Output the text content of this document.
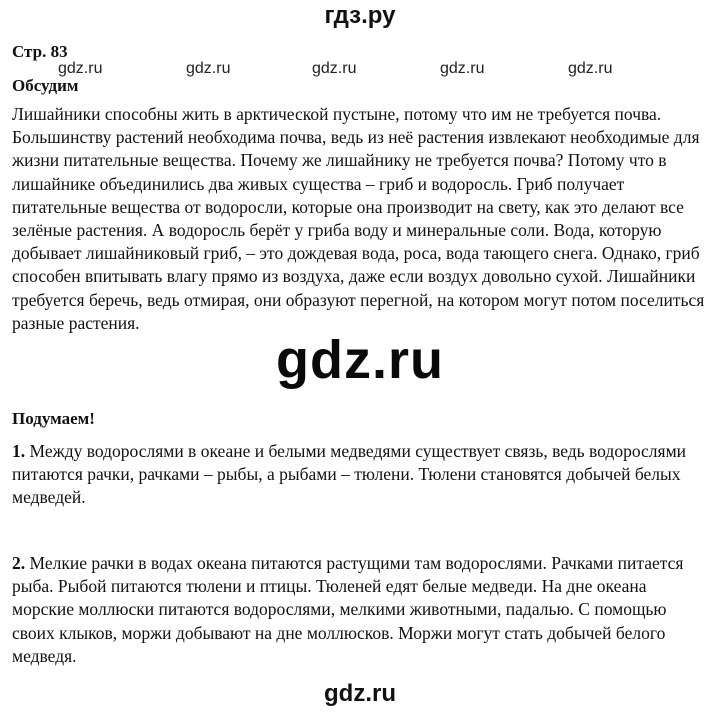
гдз.ру
Стр. 83
gdz.ru	gdz.ru	gdz.ru	gdz.ru	gdz.ru
Обсудим

Лишайники способны жить в арктической пустыне, потому что им не требуется почва. Большинству растений необходима почва, ведь из неё растения извлекают необходимые для жизни питательные вещества. Почему же лишайнику не требуется почва? Потому что в лишайнике объединились два живых существа – гриб и водоросль. Гриб получает питательные вещества от водоросли, которые она производит на свету, как это делают все зелёные растения. А водоросль берёт у гриба воду и минеральные соли. Вода, которую добывает лишайниковый гриб, – это дождевая вода, роса, вода тающего снега. Однако, гриб способен впитывать влагу прямо из воздуха, даже если воздух довольно сухой. Лишайники требуется беречь, ведь отмирая, они образуют перегной, на котором могут потом поселиться разные растения.

gdz.ru
Подумаем!

1. Между водорослями в океане и белыми медведями существует связь, ведь водорослями питаются рачки, рачками – рыбы, а рыбами – тюлени. Тюлени становятся добычей белых медведей.

2. Мелкие рачки в водах океана питаются растущими там водорослями. Рачками питается рыба. Рыбой питаются тюлени и птицы. Тюленей едят белые медведи. На дне океана морские моллюски питаются водорослями, мелкими животными, падалью. С помощью своих клыков, моржи добывают на дне моллюсков. Моржи могут стать добычей белого медведя.

gdz.ru
